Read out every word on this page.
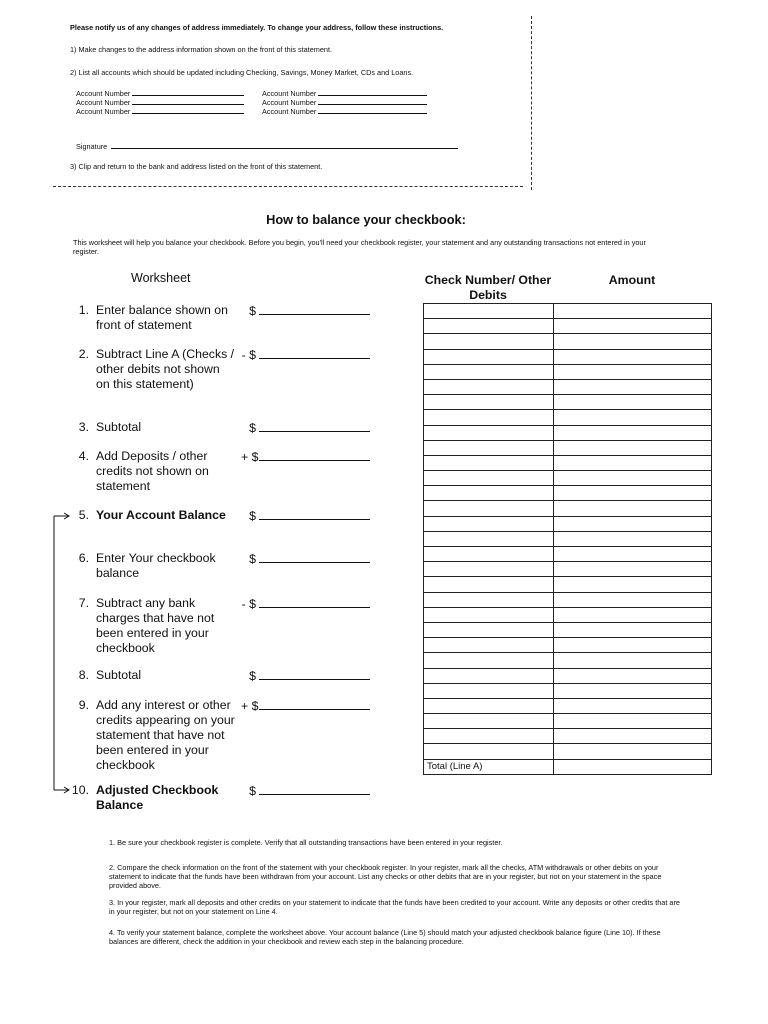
Please notify us of any changes of address immediately. To change your address, follow these instructions.
1) Make changes to the address information shown on the front of this statement.
2) List all accounts which should be updated including Checking, Savings, Money Market, CDs and Loans.
Account Number	Account Number
Account Number	Account Number
Account Number	Account Number
Signature
3) Clip and return to the bank and address listed on the front of this statement.
How to balance your checkbook:
This worksheet will help you balance your checkbook. Before you begin, you'll need your checkbook register, your statement and any outstanding transactions not entered in your register.
Worksheet
1. Enter balance shown on front of statement
$
2. Subtract Line A (Checks / other debits not shown on this statement)
- $
3. Subtotal	$
4. Add Deposits / other credits not shown on statement
+ $
5. Your Account Balance	$
6. Enter Your checkbook balance
$
7. Subtract any bank charges that have not been entered in your checkbook
- $
8. Subtotal	$
9. Add any interest or other credits appearing on your statement that have not been entered in your checkbook
+ $
10. Adjusted Checkbook Balance
$
Check Number/ Other Debits
Amount

Total (Line A)	
1. Be sure your checkbook register is complete. Verify that all outstanding transactions have been entered in your register.
2. Compare the check information on the front of the statement with your checkbook register. In your register, mark all the checks, ATM withdrawals or other debits on your statement to indicate that the funds have been withdrawn from your account. List any checks or other debits that are in your register, but not on your statement in the space provided above.
3. In your register, mark all deposits and other credits on your statement to indicate that the funds have been credited to your account. Write any deposits or other credits that are in your register, but not on your statement on Line 4.
4. To verify your statement balance, complete the worksheet above. Your account balance (Line 5) should match your adjusted checkbook balance figure (Line 10). If these balances are different, check the addition in your checkbook and review each step in the balancing procedure.
